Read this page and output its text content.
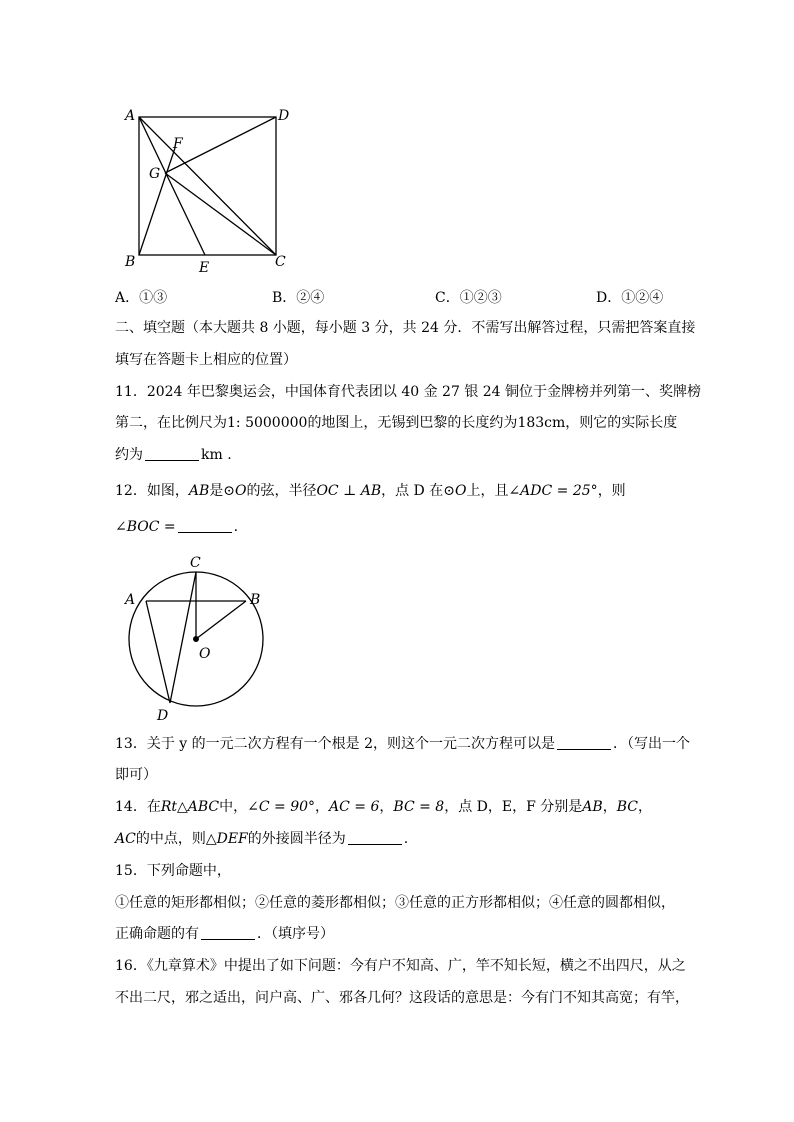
A	D
F
G
B	E	C
A．①③	B．②④	C．①②③	D．①②④
二、填空题（本大题共 8 小题，每小题 3 分，共 24 分．不需写出解答过程，只需把答案直接
填写在答题卡上相应的位置）
11．2024 年巴黎奥运会，中国体育代表团以 40 金 27 银 24 铜位于金牌榜并列第一、奖牌榜
第二，在比例尺为1: 5000000的地图上，无锡到巴黎的长度约为183cm，则它的实际长度
约为	km .
12．如图，AB是⊙O的弦，半径OC ⊥ AB，点 D 在⊙O上，且∠ADC = 25°，则
∠BOC =	.
C
A	B
O
D
13．关于 y 的一元二次方程有一个根是 2，则这个一元二次方程可以是	．（写出一个
即可）
14．在Rt△ABC中，∠C = 90°，AC = 6，BC = 8，点 D，E，F 分别是AB，BC，
AC的中点，则△DEF的外接圆半径为	.
15．下列命题中，
①任意的矩形都相似；②任意的菱形都相似；③任意的正方形都相似；④任意的圆都相似，
正确命题的有	．（填序号）
16．《九章算术》中提出了如下问题：今有户不知高、广，竿不知长短，横之不出四尺，从之
不出二尺，邪之适出，问户高、广、邪各几何？这段话的意思是：今有门不知其高宽；有竿，
